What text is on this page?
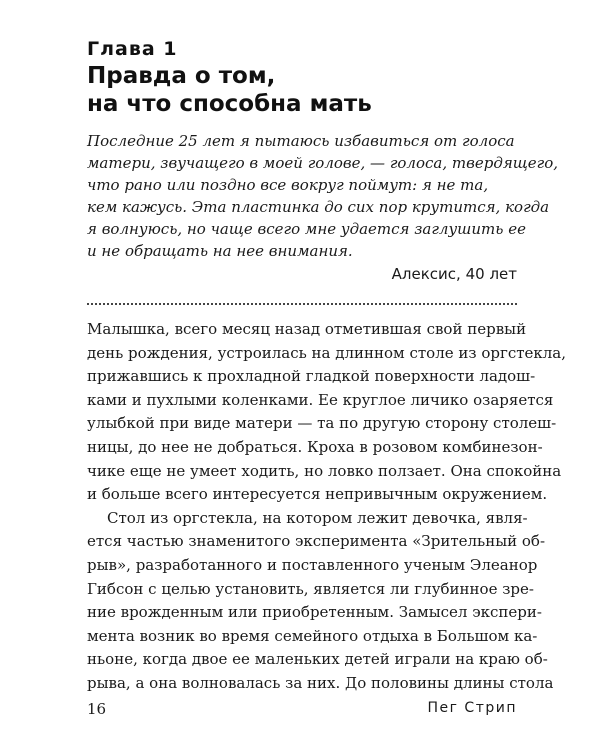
Глава 1
Правда о том,
на что способна мать
Последние 25 лет я пытаюсь избавиться от голоса
матери, звучащего в моей голове, — голоса, твердящего,
что рано или поздно все вокруг поймут: я не та,
кем кажусь. Эта пластинка до сих пор крутится, когда
я волнуюсь, но чаще всего мне удается заглушить ее
и не обращать на нее внимания.
Алексис, 40 лет
Малышка, всего месяц назад отметившая свой первый
день рождения, устроилась на длинном столе из оргстекла,
прижавшись к прохладной гладкой поверхности ладош-
ками и пухлыми коленками. Ее круглое личико озаряется
улыбкой при виде матери — та по другую сторону столеш-
ницы, до нее не добраться. Кроха в розовом комбинезон-
чике еще не умеет ходить, но ловко ползает. Она спокойна
и больше всего интересуется непривычным окружением.
Стол из оргстекла, на котором лежит девочка, явля-
ется частью знаменитого эксперимента «Зрительный об-
рыв», разработанного и поставленного ученым Элеанор
Гибсон с целью установить, является ли глубинное зре-
ние врожденным или приобретенным. Замысел экспери-
мента возник во время семейного отдыха в Большом ка-
ньоне, когда двое ее маленьких детей играли на краю об-
рыва, а она волновалась за них. До половины длины стола
16	Пег Стрип
